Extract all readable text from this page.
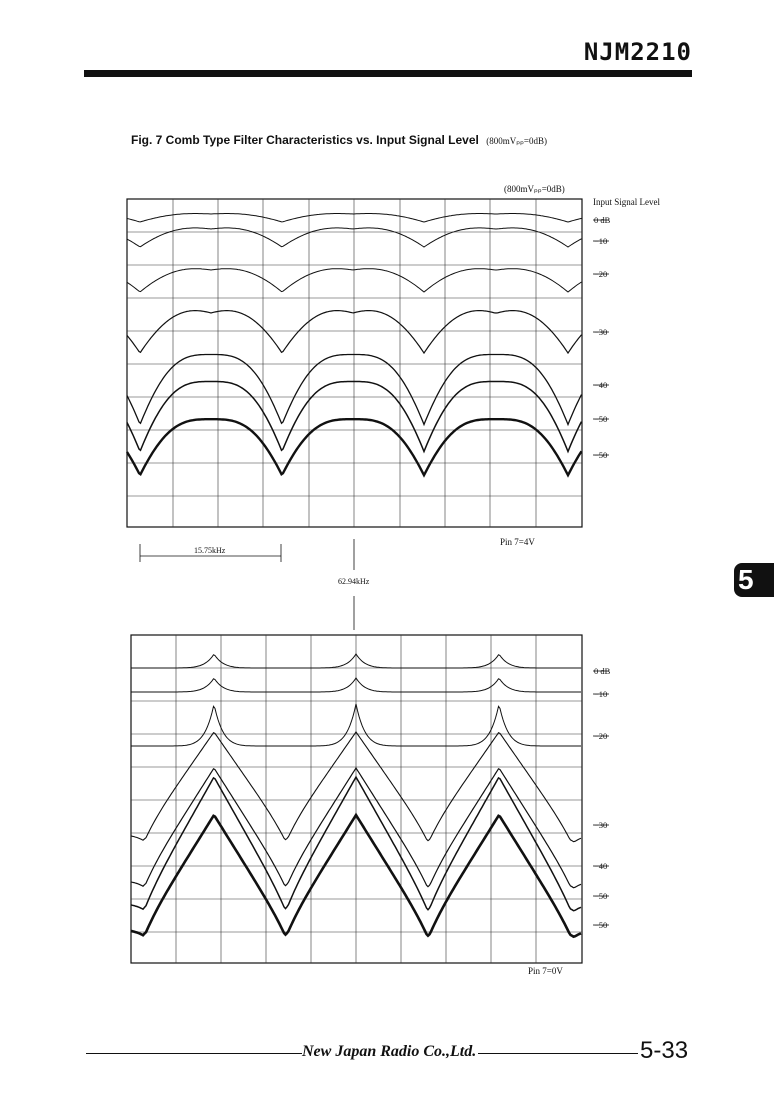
NJM2210
Fig. 7 Comb Type Filter Characteristics vs. Input Signal Level (800mVₚₚ=0dB)
5
(800mVₚₚ=0dB)
Input Signal Level
0 dB
−10
−20
−30
−40
−50
−50
Pin 7=4V
15.75kHz
62.94kHz
0 dB
−10
−20
−30
−40
−50
−50
Pin 7=0V
New Japan Radio Co.,Ltd.	5-33
